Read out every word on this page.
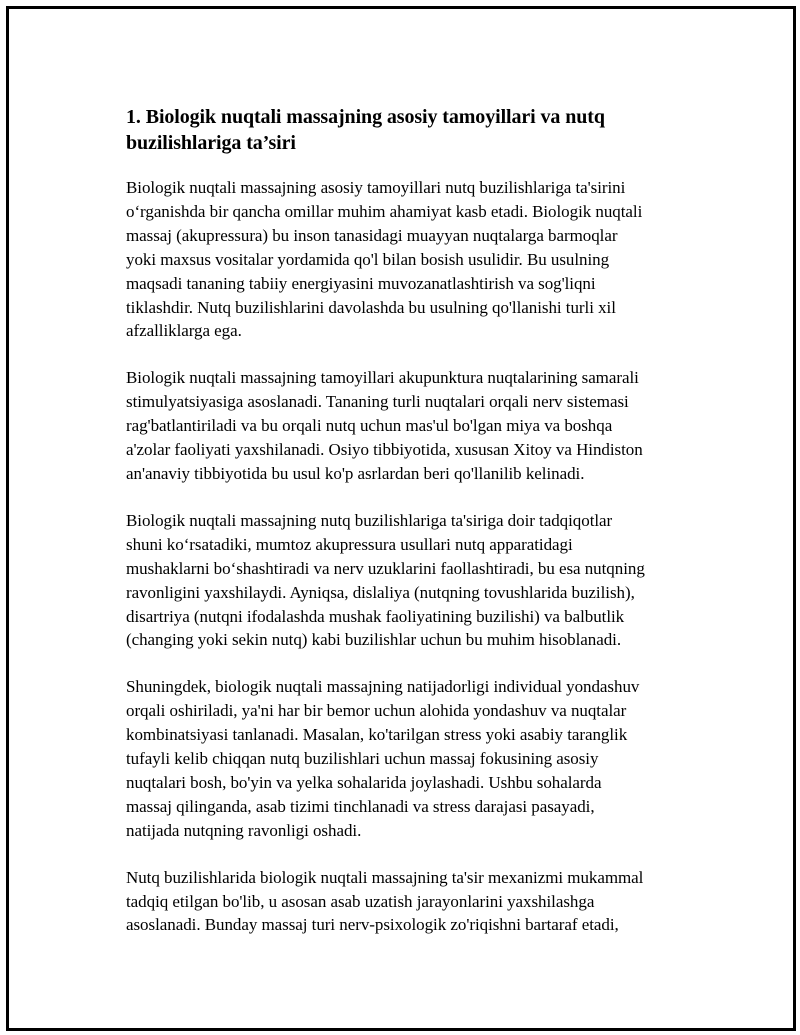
1. Biologik nuqtali massajning asosiy tamoyillari va nutq
buzilishlariga ta’siri

Biologik nuqtali massajning asosiy tamoyillari nutq buzilishlariga ta'sirini
o‘rganishda bir qancha omillar muhim ahamiyat kasb etadi. Biologik nuqtali
massaj (akupressura) bu inson tanasidagi muayyan nuqtalarga barmoqlar
yoki maxsus vositalar yordamida qo'l bilan bosish usulidir. Bu usulning
maqsadi tananing tabiiy energiyasini muvozanatlashtirish va sog'liqni
tiklashdir. Nutq buzilishlarini davolashda bu usulning qo'llanishi turli xil
afzalliklarga ega.

Biologik nuqtali massajning tamoyillari akupunktura nuqtalarining samarali
stimulyatsiyasiga asoslanadi. Tananing turli nuqtalari orqali nerv sistemasi
rag'batlantiriladi va bu orqali nutq uchun mas'ul bo'lgan miya va boshqa
a'zolar faoliyati yaxshilanadi. Osiyo tibbiyotida, xususan Xitoy va Hindiston
an'anaviy tibbiyotida bu usul ko'p asrlardan beri qo'llanilib kelinadi.

Biologik nuqtali massajning nutq buzilishlariga ta'siriga doir tadqiqotlar
shuni ko‘rsatadiki, mumtoz akupressura usullari nutq apparatidagi
mushaklarni bo‘shashtiradi va nerv uzuklarini faollashtiradi, bu esa nutqning
ravonligini yaxshilaydi. Ayniqsa, dislaliya (nutqning tovushlarida buzilish),
disartriya (nutqni ifodalashda mushak faoliyatining buzilishi) va balbutlik
(changing yoki sekin nutq) kabi buzilishlar uchun bu muhim hisoblanadi.

Shuningdek, biologik nuqtali massajning natijadorligi individual yondashuv
orqali oshiriladi, ya'ni har bir bemor uchun alohida yondashuv va nuqtalar
kombinatsiyasi tanlanadi. Masalan, ko'tarilgan stress yoki asabiy taranglik
tufayli kelib chiqqan nutq buzilishlari uchun massaj fokusining asosiy
nuqtalari bosh, bo'yin va yelka sohalarida joylashadi. Ushbu sohalarda
massaj qilinganda, asab tizimi tinchlanadi va stress darajasi pasayadi,
natijada nutqning ravonligi oshadi.

Nutq buzilishlarida biologik nuqtali massajning ta'sir mexanizmi mukammal
tadqiq etilgan bo'lib, u asosan asab uzatish jarayonlarini yaxshilashga
asoslanadi. Bunday massaj turi nerv-psixologik zo'riqishni bartaraf etadi,
